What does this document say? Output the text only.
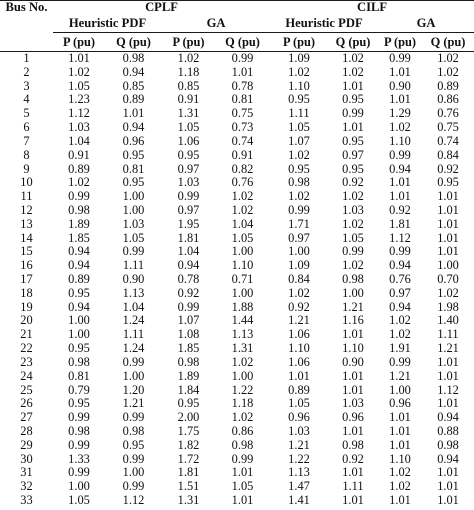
Bus No.	CPLF				CILF			
	Heuristic PDF		GA		Heuristic PDF		GA	
	P (pu)	Q (pu)	P (pu)	Q (pu)	P (pu)	Q (pu)	P (pu)	Q (pu)
1	1.01	0.98	1.02	0.99	1.09	1.02	0.99	1.02
2	1.02	0.94	1.18	1.01	1.02	1.02	1.01	1.02
3	1.05	0.85	0.85	0.78	1.10	1.01	0.90	0.89
4	1.23	0.89	0.91	0.81	0.95	0.95	1.01	0.86
5	1.12	1.01	1.31	0.75	1.11	0.99	1.29	0.76
6	1.03	0.94	1.05	0.73	1.05	1.01	1.02	0.75
7	1.04	0.96	1.06	0.74	1.07	0.95	1.10	0.74
8	0.91	0.95	0.95	0.91	1.02	0.97	0.99	0.84
9	0.89	0.81	0.97	0.82	0.95	0.95	0.94	0.92
10	1.02	0.95	1.03	0.76	0.98	0.92	1.01	0.95
11	0.99	1.00	0.99	1.02	1.02	1.02	1.01	1.01
12	0.98	1.00	0.97	1.02	0.99	1.03	0.92	1.01
13	1.89	1.03	1.95	1.04	1.71	1.02	1.81	1.01
14	1.85	1.05	1.81	1.05	0.97	1.05	1.12	1.01
15	0.94	0.99	1.04	1.00	1.00	0.99	0.99	1.01
16	0.94	1.11	0.94	1.10	1.09	1.02	0.94	1.00
17	0.89	0.90	0.78	0.71	0.84	0.98	0.76	0.70
18	0.95	1.13	0.92	1.00	1.02	1.00	0.97	1.02
19	0.94	1.04	0.99	1.88	0.92	1.21	0.94	1.98
20	1.00	1.24	1.07	1.44	1.21	1.16	1.02	1.40
21	1.00	1.11	1.08	1.13	1.06	1.01	1.02	1.11
22	0.95	1.24	1.85	1.31	1.10	1.10	1.91	1.21
23	0.98	0.99	0.98	1.02	1.06	0.90	0.99	1.01
24	0.81	1.00	1.89	1.00	1.01	1.01	1.21	1.01
25	0.79	1.20	1.84	1.22	0.89	1.01	1.00	1.12
26	0.95	1.21	0.95	1.18	1.05	1.03	0.96	1.01
27	0.99	0.99	2.00	1.02	0.96	0.96	1.01	0.94
28	0.98	0.98	1.75	0.86	1.03	1.01	1.01	0.88
29	0.99	0.95	1.82	0.98	1.21	0.98	1.01	0.98
30	1.33	0.99	1.72	0.99	1.22	0.92	1.10	0.94
31	0.99	1.00	1.81	1.01	1.13	1.01	1.02	1.01
32	1.00	0.99	1.51	1.05	1.47	1.11	1.02	1.01
33	1.05	1.12	1.31	1.01	1.41	1.01	1.01	1.01
